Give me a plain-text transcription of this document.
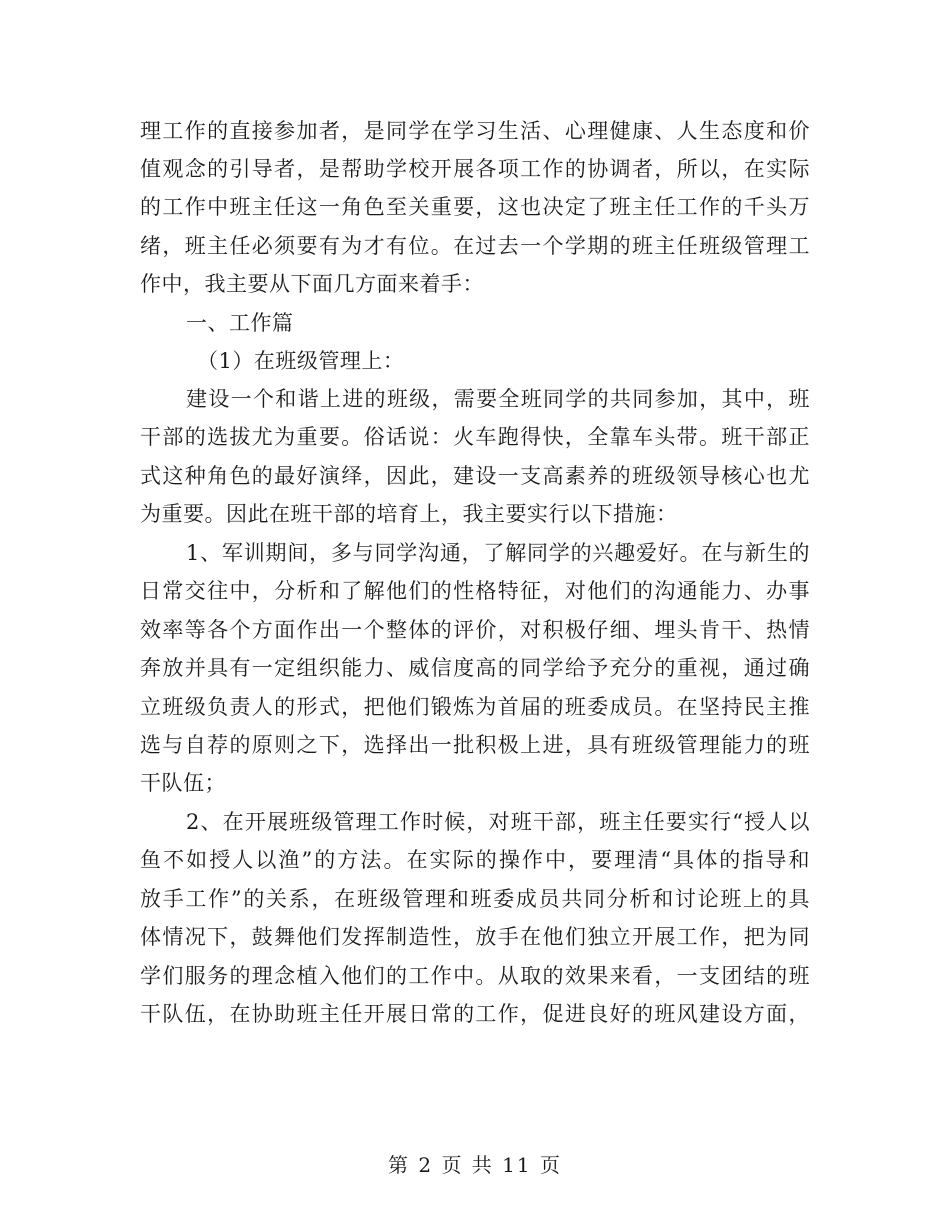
理工作的直接参加者，是同学在学习生活、心理健康、人生态度和价
值观念的引导者，是帮助学校开展各项工作的协调者，所以，在实际
的工作中班主任这一角色至关重要，这也决定了班主任工作的千头万
绪，班主任必须要有为才有位。在过去一个学期的班主任班级管理工
作中，我主要从下面几方面来着手：
一、工作篇
（1）在班级管理上：
建设一个和谐上进的班级，需要全班同学的共同参加，其中，班
干部的选拔尤为重要。俗话说：火车跑得快，全靠车头带。班干部正
式这种角色的最好演绎，因此，建设一支高素养的班级领导核心也尤
为重要。因此在班干部的培育上，我主要实行以下措施：
1、军训期间，多与同学沟通，了解同学的兴趣爱好。在与新生的
日常交往中，分析和了解他们的性格特征，对他们的沟通能力、办事
效率等各个方面作出一个整体的评价，对积极仔细、埋头肯干、热情
奔放并具有一定组织能力、威信度高的同学给予充分的重视，通过确
立班级负责人的形式，把他们锻炼为首届的班委成员。在坚持民主推
选与自荐的原则之下，选择出一批积极上进，具有班级管理能力的班
干队伍；
2、在开展班级管理工作时候，对班干部，班主任要实行“授人以
鱼不如授人以渔”的方法。在实际的操作中，要理清“具体的指导和
放手工作”的关系，在班级管理和班委成员共同分析和讨论班上的具
体情况下，鼓舞他们发挥制造性，放手在他们独立开展工作，把为同
学们服务的理念植入他们的工作中。从取的效果来看，一支团结的班
干队伍，在协助班主任开展日常的工作，促进良好的班风建设方面，
第 2 页 共 11 页
